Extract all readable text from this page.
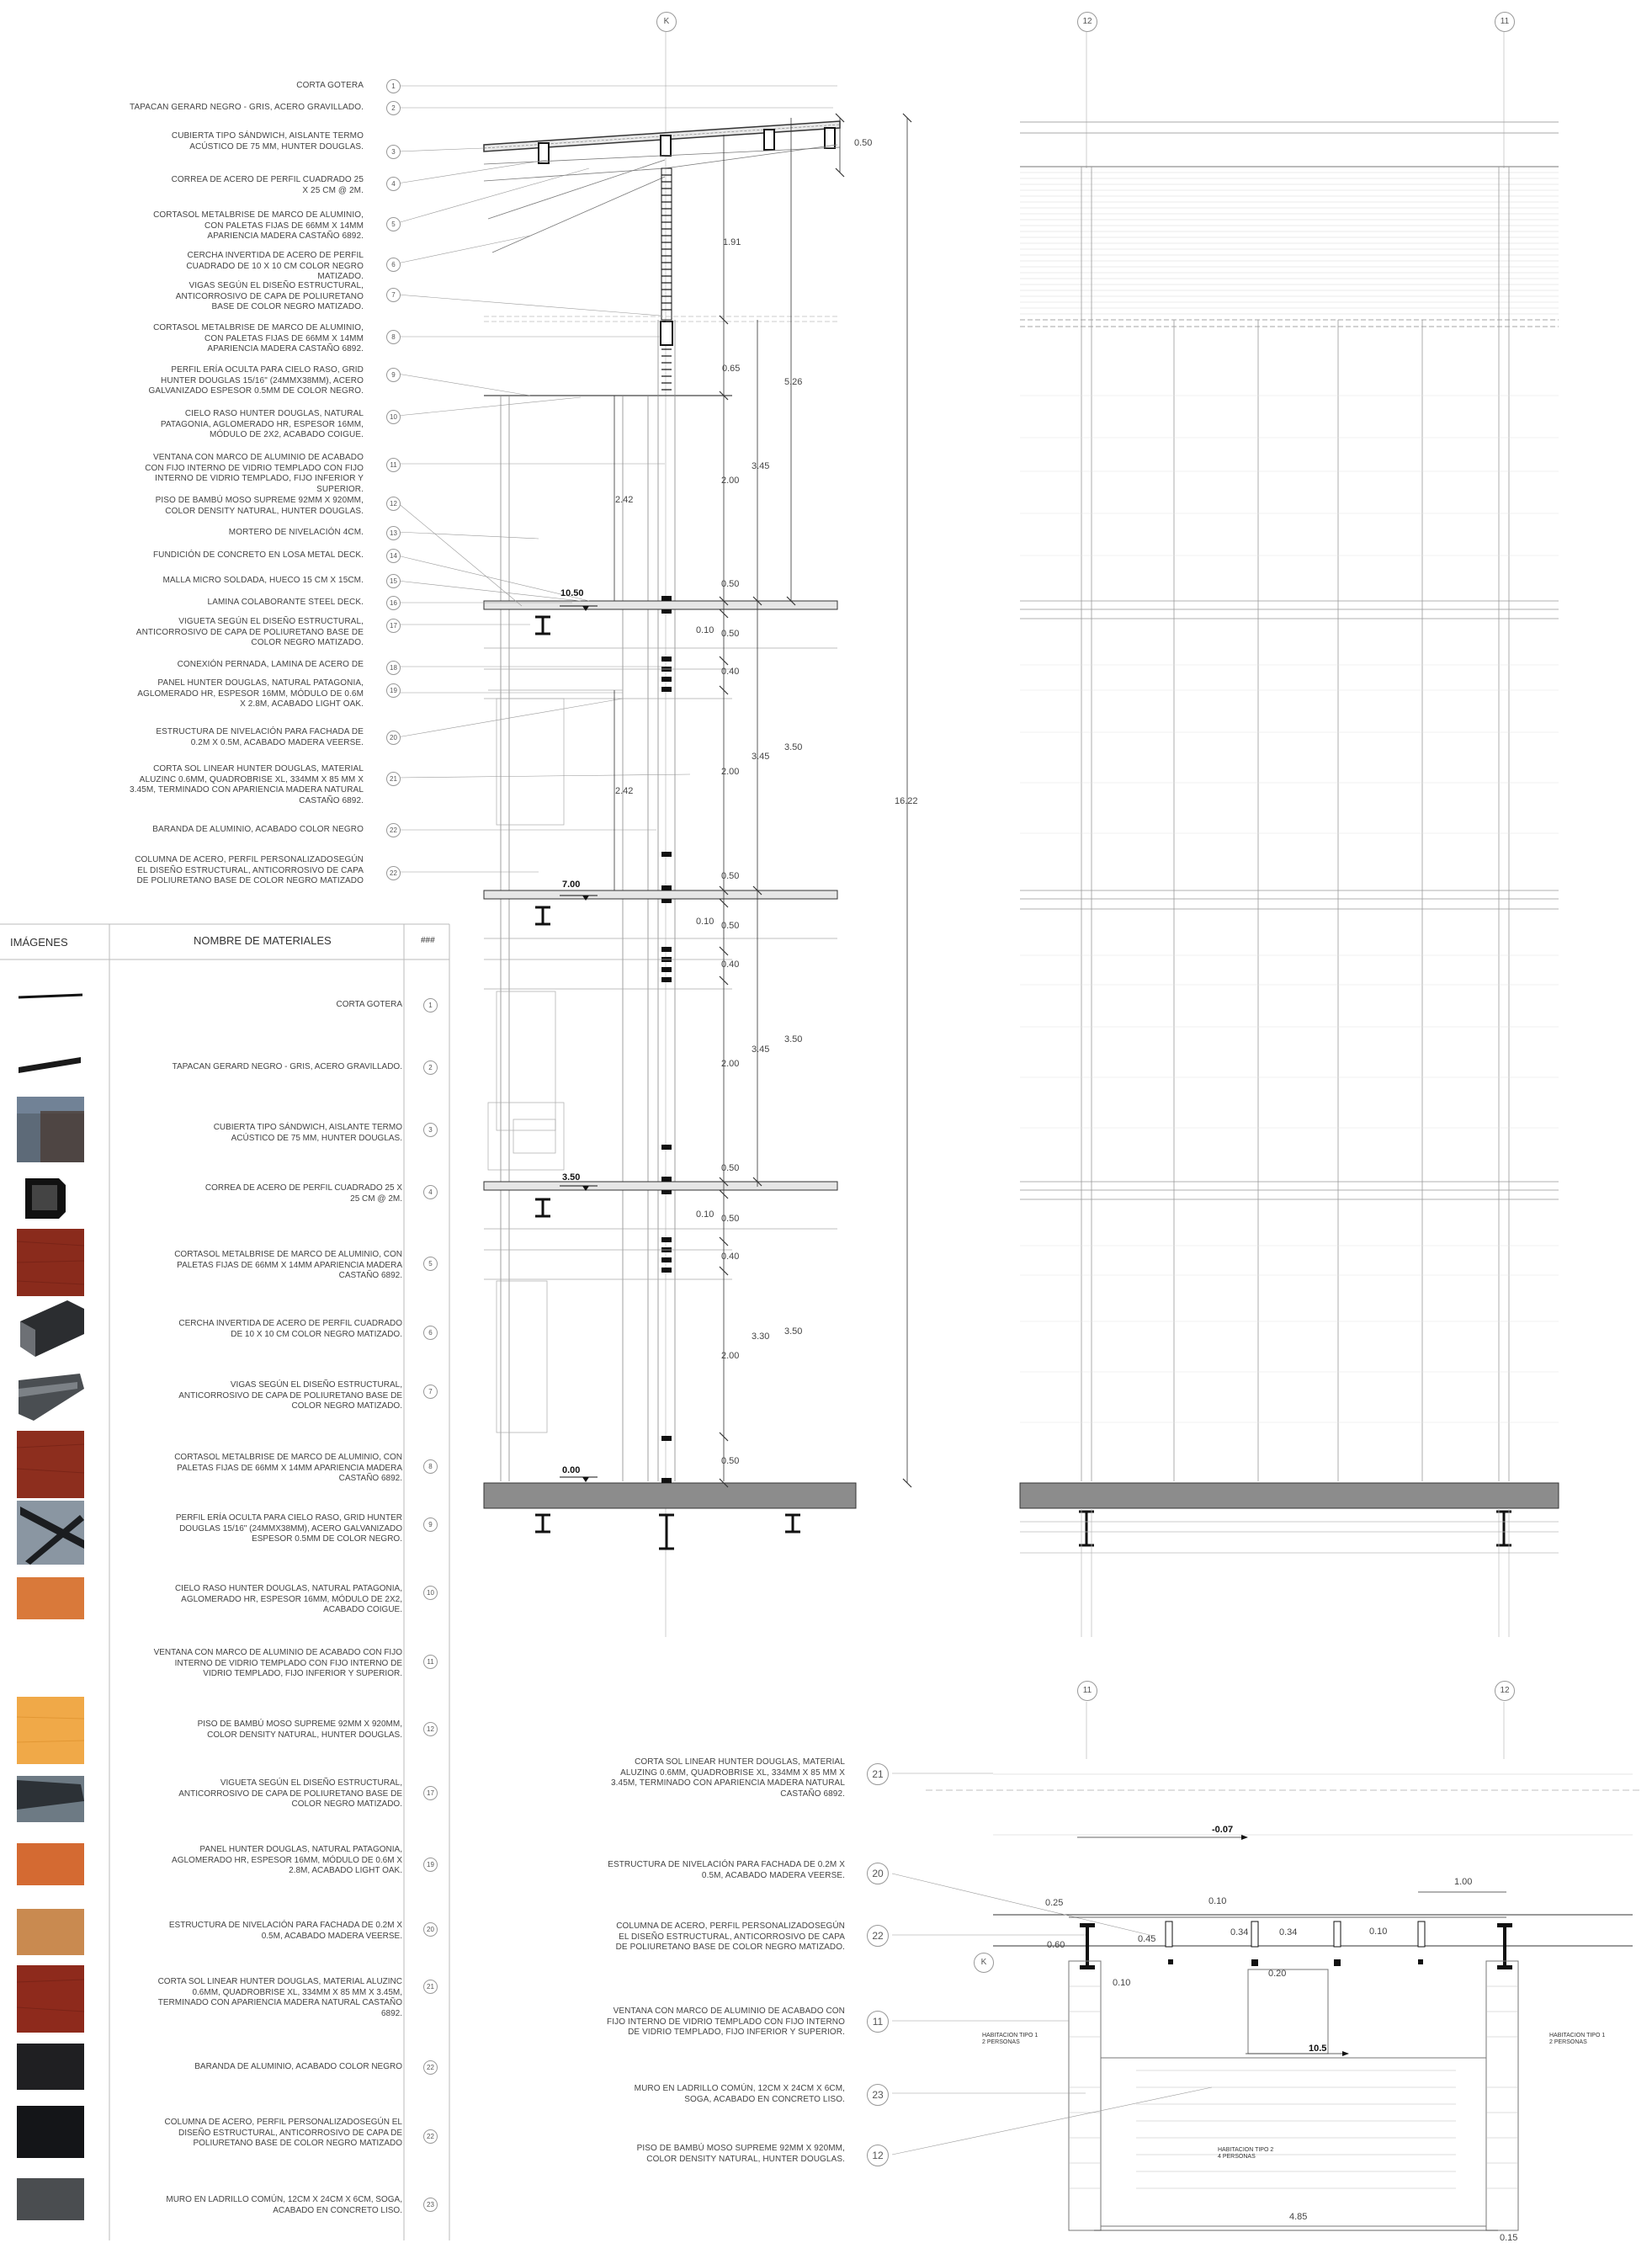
K	12	11
11	12
K
CORTA GOTERA	1
TAPACAN GERARD NEGRO - GRIS, ACERO GRAVILLADO.	2
CUBIERTA TIPO SÁNDWICH, AISLANTE TERMO ACÚSTICO DE 75 MM, HUNTER DOUGLAS.
3
CORREA DE ACERO DE PERFIL CUADRADO 25 X 25 CM @ 2M.
4
CORTASOL METALBRISE DE MARCO DE ALUMINIO, CON PALETAS FIJAS DE 66MM X 14MM APARIENCIA MADERA CASTAÑO 6892.
5
CERCHA INVERTIDA DE ACERO DE PERFIL CUADRADO DE 10 X 10 CM COLOR NEGRO MATIZADO.
6
VIGAS SEGÚN EL DISEÑO ESTRUCTURAL, ANTICORROSIVO DE CAPA DE POLIURETANO BASE DE COLOR NEGRO MATIZADO.
7
CORTASOL METALBRISE DE MARCO DE ALUMINIO, CON PALETAS FIJAS DE 66MM X 14MM APARIENCIA MADERA CASTAÑO 6892.
8
PERFIL ERÍA OCULTA PARA CIELO RASO, GRID HUNTER DOUGLAS 15/16" (24MMX38MM), ACERO GALVANIZADO ESPESOR 0.5MM DE COLOR NEGRO.
9
CIELO RASO HUNTER DOUGLAS, NATURAL PATAGONIA, AGLOMERADO HR, ESPESOR 16MM, MÓDULO DE 2X2, ACABADO COIGUE.
10
VENTANA CON MARCO DE ALUMINIO DE ACABADO CON FIJO INTERNO DE VIDRIO TEMPLADO CON FIJO INTERNO DE VIDRIO TEMPLADO, FIJO INFERIOR Y SUPERIOR.
11
PISO DE BAMBÚ MOSO SUPREME 92MM X 920MM, COLOR DENSITY NATURAL, HUNTER DOUGLAS.
12
MORTERO DE NIVELACIÓN 4CM.	13
FUNDICIÓN DE CONCRETO EN LOSA METAL DECK.	14
MALLA MICRO SOLDADA, HUECO 15 CM X 15CM.	15
LAMINA COLABORANTE STEEL DECK.	16
VIGUETA SEGÚN EL DISEÑO ESTRUCTURAL, ANTICORROSIVO DE CAPA DE POLIURETANO BASE DE COLOR NEGRO MATIZADO.
17
CONEXIÓN PERNADA, LAMINA DE ACERO DE	18
PANEL HUNTER DOUGLAS, NATURAL PATAGONIA, AGLOMERADO HR, ESPESOR 16MM, MÓDULO DE 0.6M X 2.8M, ACABADO LIGHT OAK.
19
ESTRUCTURA DE NIVELACIÓN PARA FACHADA DE 0.2M X 0.5M, ACABADO MADERA VEERSE.	20
CORTA SOL LINEAR HUNTER DOUGLAS, MATERIAL ALUZINC 0.6MM, QUADROBRISE XL, 334MM X 85 MM X 3.45M, TERMINADO CON APARIENCIA MADERA NATURAL CASTAÑO 6892.
21
BARANDA DE ALUMINIO, ACABADO COLOR NEGRO	22
COLUMNA DE ACERO, PERFIL PERSONALIZADOSEGÚN EL DISEÑO ESTRUCTURAL, ANTICORROSIVO DE CAPA DE POLIURETANO BASE DE COLOR NEGRO MATIZADO
22
0.50
1.91
0.65
5.26
3.45
2.00
2.42
0.50
10.50
0.10 0.50
0.40
3.45
3.50
2.00
2.42
16.22
0.50
7.00
0.10 0.50
0.40
3.45
3.50
2.00
0.50
3.50
0.10 0.50
0.40
3.30 3.50
2.00
0.50
0.00
IMÁGENES	NOMBRE DE MATERIALES	###
CORTA GOTERA	1
TAPACAN GERARD NEGRO - GRIS, ACERO GRAVILLADO.	2
CUBIERTA TIPO SÁNDWICH, AISLANTE TERMO ACÚSTICO DE 75 MM, HUNTER DOUGLAS.
3
CORREA DE ACERO DE PERFIL CUADRADO 25 X 25 CM @ 2M.
4
CORTASOL METALBRISE DE MARCO DE ALUMINIO, CON PALETAS FIJAS DE 66MM X 14MM APARIENCIA MADERA CASTAÑO 6892.
5
CERCHA INVERTIDA DE ACERO DE PERFIL CUADRADO DE 10 X 10 CM COLOR NEGRO MATIZADO.	6
VIGAS SEGÚN EL DISEÑO ESTRUCTURAL, ANTICORROSIVO DE CAPA DE POLIURETANO BASE DE COLOR NEGRO MATIZADO.
7
CORTASOL METALBRISE DE MARCO DE ALUMINIO, CON PALETAS FIJAS DE 66MM X 14MM APARIENCIA MADERA CASTAÑO 6892.
8
PERFIL ERÍA OCULTA PARA CIELO RASO, GRID HUNTER DOUGLAS 15/16" (24MMX38MM), ACERO GALVANIZADO ESPESOR 0.5MM DE COLOR NEGRO.
9
CIELO RASO HUNTER DOUGLAS, NATURAL PATAGONIA, AGLOMERADO HR, ESPESOR 16MM, MÓDULO DE 2X2, ACABADO COIGUE.
10
VENTANA CON MARCO DE ALUMINIO DE ACABADO CON FIJO INTERNO DE VIDRIO TEMPLADO CON FIJO INTERNO DE VIDRIO TEMPLADO, FIJO INFERIOR Y SUPERIOR.
11
PISO DE BAMBÚ MOSO SUPREME 92MM X 920MM, COLOR DENSITY NATURAL, HUNTER DOUGLAS.
12
VIGUETA SEGÚN EL DISEÑO ESTRUCTURAL, ANTICORROSIVO DE CAPA DE POLIURETANO BASE DE COLOR NEGRO MATIZADO.
17
PANEL HUNTER DOUGLAS, NATURAL PATAGONIA, AGLOMERADO HR, ESPESOR 16MM, MÓDULO DE 0.6M X 2.8M, ACABADO LIGHT OAK.
19
ESTRUCTURA DE NIVELACIÓN PARA FACHADA DE 0.2M X 0.5M, ACABADO MADERA VEERSE.
20
CORTA SOL LINEAR HUNTER DOUGLAS, MATERIAL ALUZINC 0.6MM, QUADROBRISE XL, 334MM X 85 MM X 3.45M, TERMINADO CON APARIENCIA MADERA NATURAL CASTAÑO 6892.
21
BARANDA DE ALUMINIO, ACABADO COLOR NEGRO	22
COLUMNA DE ACERO, PERFIL PERSONALIZADOSEGÚN EL DISEÑO ESTRUCTURAL, ANTICORROSIVO DE CAPA DE POLIURETANO BASE DE COLOR NEGRO MATIZADO
22
MURO EN LADRILLO COMÚN, 12CM X 24CM X 6CM, SOGA, ACABADO EN CONCRETO LISO.
23
CORTA SOL LINEAR HUNTER DOUGLAS, MATERIAL ALUZING 0.6MM, QUADROBRISE XL, 334MM X 85 MM X 3.45M, TERMINADO CON APARIENCIA MADERA NATURAL CASTAÑO 6892.
21
ESTRUCTURA DE NIVELACIÓN PARA FACHADA DE 0.2M X 0.5M, ACABADO MADERA VEERSE.	20
COLUMNA DE ACERO, PERFIL PERSONALIZADOSEGÚN EL DISEÑO ESTRUCTURAL, ANTICORROSIVO DE CAPA DE POLIURETANO BASE DE COLOR NEGRO MATIZADO.
22
VENTANA CON MARCO DE ALUMINIO DE ACABADO CON FIJO INTERNO DE VIDRIO TEMPLADO CON FIJO INTERNO DE VIDRIO TEMPLADO, FIJO INFERIOR Y SUPERIOR.
11
MURO EN LADRILLO COMÚN, 12CM X 24CM X 6CM, SOGA, ACABADO EN CONCRETO LISO.	23
PISO DE BAMBÚ MOSO SUPREME 92MM X 920MM, COLOR DENSITY NATURAL, HUNTER DOUGLAS.	12
-0.07
1.00
0.25	0.10
0.60
0.45
0.34	0.34	0.10
0.10
0.20
10.5
4.85
0.15
HABITACION TIPO 1
2 PERSONAS
HABITACION TIPO 1
2 PERSONAS
HABITACION TIPO 2
4 PERSONAS
